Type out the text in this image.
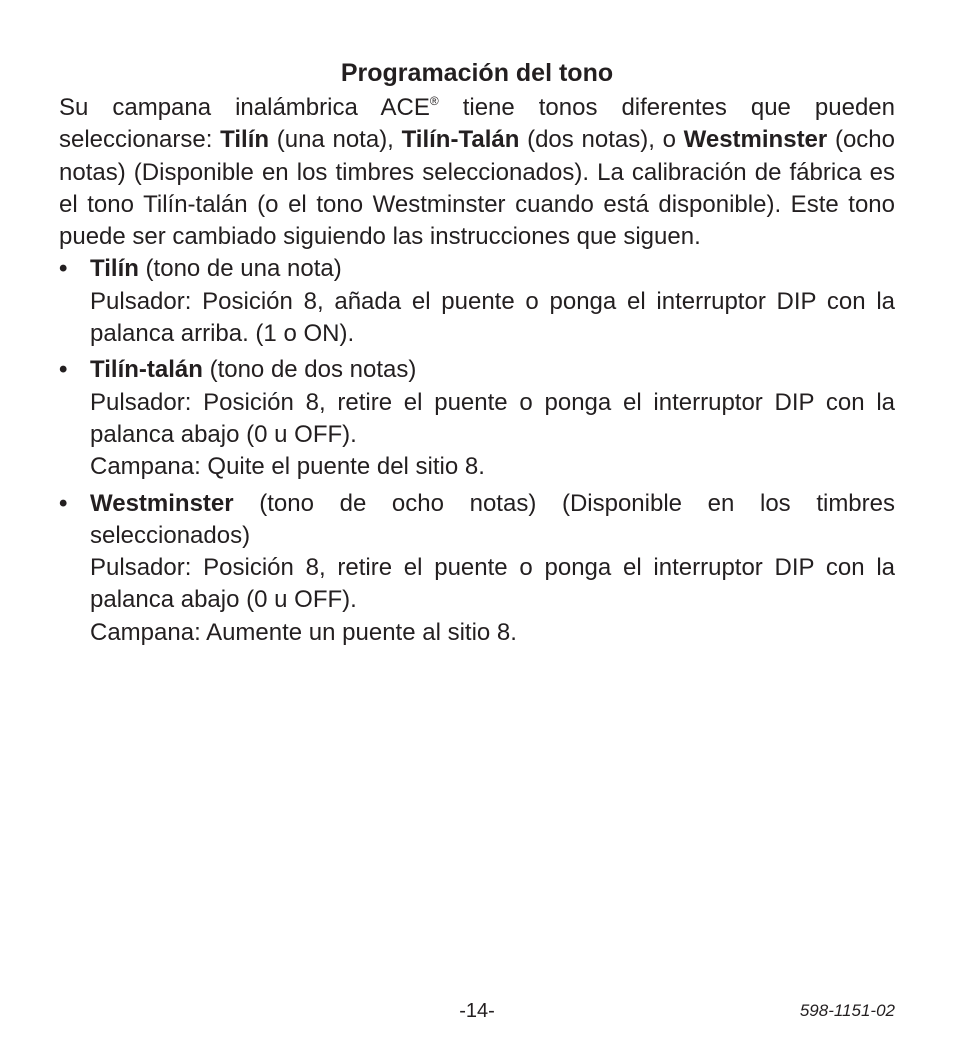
Programación del tono

Su campana inalámbrica ACE® tiene tonos diferentes que pueden seleccionarse: Tilín (una nota), Tilín-Talán (dos notas), o Westminster (ocho notas) (Disponible en los timbres seleccionados). La calibración de fábrica es el tono Tilín-talán (o el tono Westminster cuando está disponible). Este tono puede ser cambiado siguiendo las instrucciones que siguen.

• Tilín (tono de una nota)
Pulsador: Posición 8, añada el puente o ponga el interruptor DIP con la palanca arriba. (1 o ON).
• Tilín-talán (tono de dos notas)
Pulsador: Posición 8, retire el puente o ponga el interruptor DIP con la palanca abajo (0 u OFF).
Campana: Quite el puente del sitio 8.
• Westminster (tono de ocho notas) (Disponible en los timbres seleccionados)
Pulsador: Posición 8, retire el puente o ponga el interruptor DIP con la palanca abajo (0 u OFF).
Campana: Aumente un puente al sitio 8.
-14-	598-1151-02
